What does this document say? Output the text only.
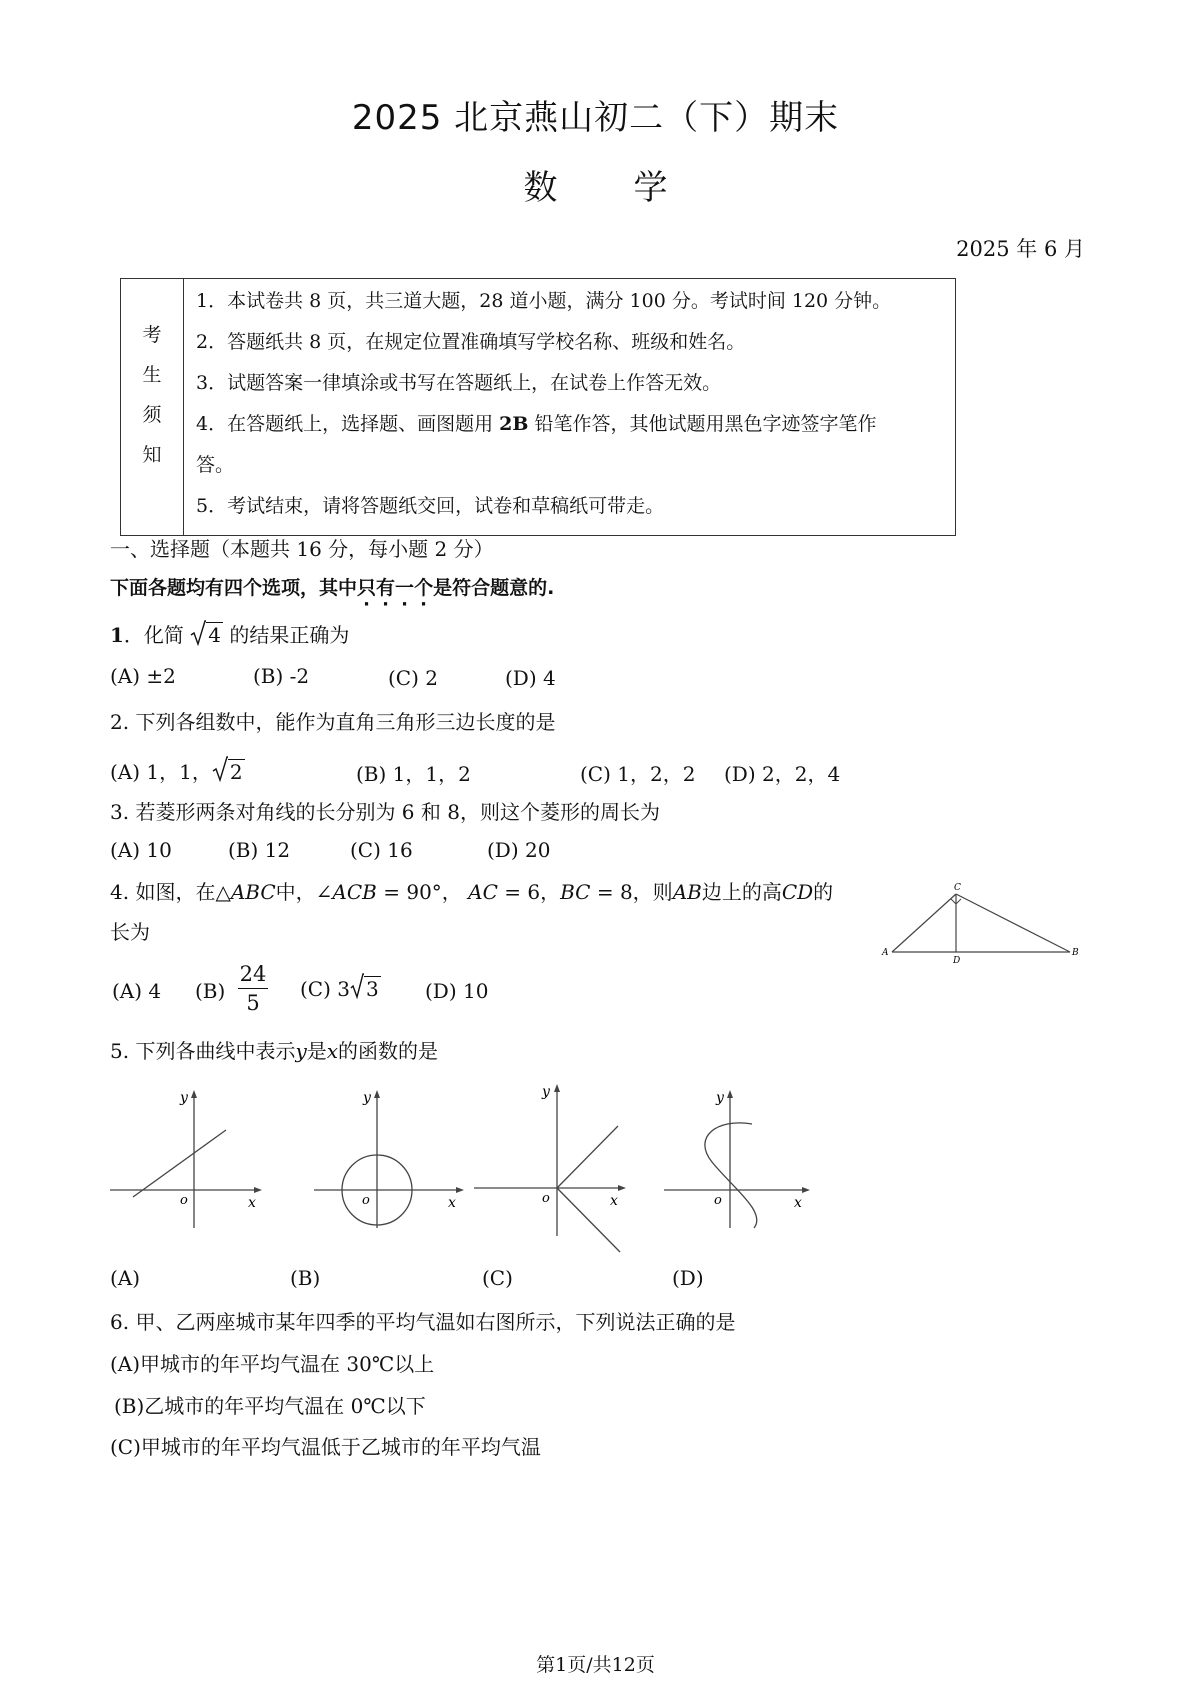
2025 北京燕山初二（下）期末
数 学
2025 年 6 月
考
生
须
知

1．本试卷共 8 页，共三道大题，28 道小题，满分 100 分。考试时间 120 分钟。

2．答题纸共 8 页，在规定位置准确填写学校名称、班级和姓名。

3．试题答案一律填涂或书写在答题纸上，在试卷上作答无效。

4．在答题纸上，选择题、画图题用 2B 铅笔作答，其他试题用黑色字迹签字笔作

答。

5．考试结束，请将答题纸交回，试卷和草稿纸可带走。

一、选择题（本题共 16 分，每小题 2 分）
下面各题均有四个选项，其中只有一个是符合题意的.
1．化简 4 的结果正确为
(A) ±2	(B) -2	(C) 2	(D) 4
2. 下列各组数中，能作为直角三角形三边长度的是
(A) 1，1， 2	(B) 1，1，2	(C) 1，2，2 (D) 2，2，4
3. 若菱形两条对角线的长分别为 6 和 8，则这个菱形的周长为
(A) 10	(B) 12	(C) 16	(D) 20
4. 如图，在△ABC中，∠ACB = 90°， AC = 6，BC = 8，则AB边上的高CD的
长为
(A) 4 $(B) \frac{24}{5} (C)$ 3 3 (D) 10
C
A
D
B
5. 下列各曲线中表示y是x的函数的是
y
x
o
y
x
o
y
x
o
y
x
o
(A)	(B)	(C)	(D)
6. 甲、乙两座城市某年四季的平均气温如右图所示，下列说法正确的是
(A)甲城市的年平均气温在 30℃以上
(B)乙城市的年平均气温在 0℃以下
(C)甲城市的年平均气温低于乙城市的年平均气温
第1页/共12页
